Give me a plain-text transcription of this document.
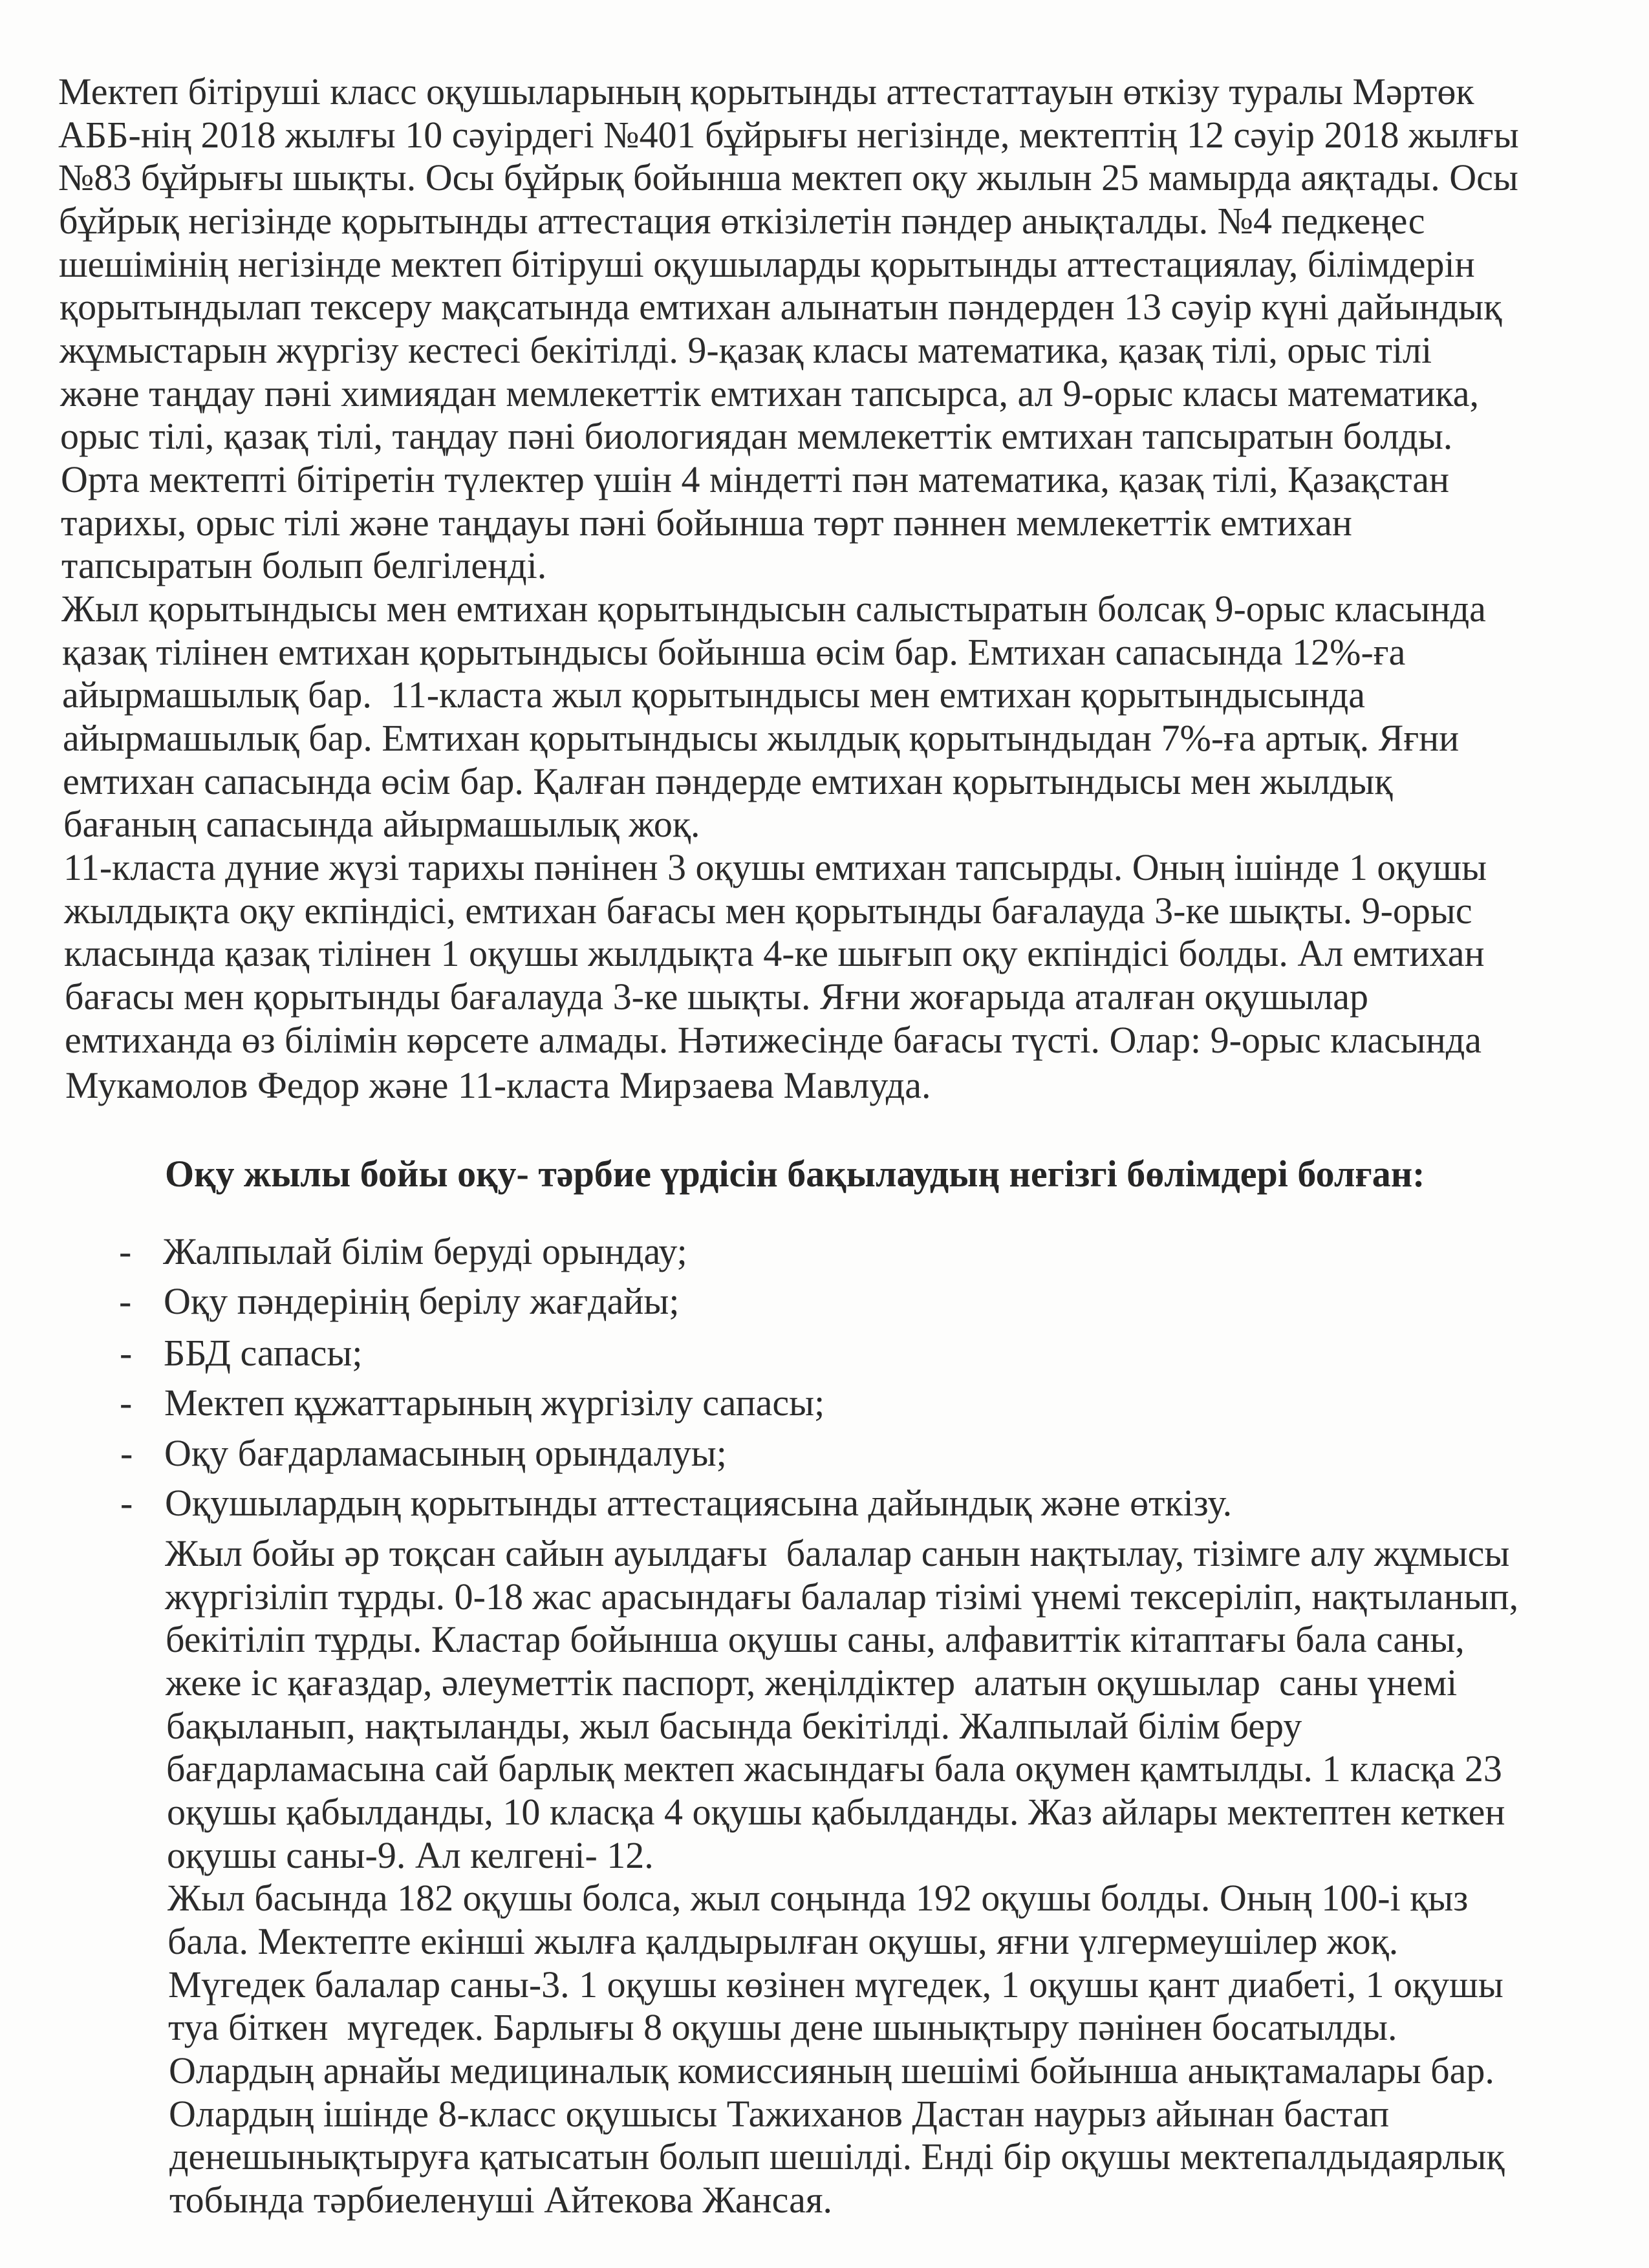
Мектеп бітіруші класс оқушыларының қорытынды аттестаттауын өткізу туралы Мәртөк
АББ-нің 2018 жылғы 10 сәуірдегі №401 бұйрығы негізінде, мектептің 12 сәуір 2018 жылғы
№83 бұйрығы шықты. Осы бұйрық бойынша мектеп оқу жылын 25 мамырда аяқтады. Осы
бұйрық негізінде қорытынды аттестация өткізілетін пәндер анықталды. №4 педкеңес
шешімінің негізінде мектеп бітіруші оқушыларды қорытынды аттестациялау, білімдерін
қорытындылап тексеру мақсатында емтихан алынатын пәндерден 13 сәуір күні дайындық
жұмыстарын жүргізу кестесі бекітілді. 9-қазақ класы математика, қазақ тілі, орыс тілі
және таңдау пәні химиядан мемлекеттік емтихан тапсырса, ал 9-орыс класы математика,
орыс тілі, қазақ тілі, таңдау пәні биологиядан мемлекеттік емтихан тапсыратын болды.
Орта мектепті бітіретін түлектер үшін 4 міндетті пән математика, қазақ тілі, Қазақстан
тарихы, орыс тілі және таңдауы пәні бойынша төрт пәннен мемлекеттік емтихан
тапсыратын болып белгіленді.
Жыл қорытындысы мен емтихан қорытындысын салыстыратын болсақ 9-орыс класында
қазақ тілінен емтихан қорытындысы бойынша өсім бар. Емтихан сапасында 12%-ға
айырмашылық бар.  11-класта жыл қорытындысы мен емтихан қорытындысында
айырмашылық бар. Емтихан қорытындысы жылдық қорытындыдан 7%-ға артық. Яғни
емтихан сапасында өсім бар. Қалған пәндерде емтихан қорытындысы мен жылдық
бағаның сапасында айырмашылық жоқ.
11-класта дүние жүзі тарихы пәнінен 3 оқушы емтихан тапсырды. Оның ішінде 1 оқушы
жылдықта оқу екпіндісі, емтихан бағасы мен қорытынды бағалауда 3-ке шықты. 9-орыс
класында қазақ тілінен 1 оқушы жылдықта 4-ке шығып оқу екпіндісі болды. Ал емтихан
бағасы мен қорытынды бағалауда 3-ке шықты. Яғни жоғарыда аталған оқушылар
емтиханда өз білімін көрсете алмады. Нәтижесінде бағасы түсті. Олар: 9-орыс класында
Мукамолов Федор және 11-класта Мирзаева Мавлуда.
Оқу жылы бойы оқу- тәрбие үрдісін бақылаудың негізгі бөлімдері болған:
- Жалпылай білім беруді орындау;
- Оқу пәндерінің берілу жағдайы;
- ББД сапасы;
- Мектеп құжаттарының жүргізілу сапасы;
- Оқу бағдарламасының орындалуы;
- Оқушылардың қорытынды аттестациясына дайындық және өткізу.
Жыл бойы әр тоқсан сайын ауылдағы  балалар санын нақтылау, тізімге алу жұмысы
жүргізіліп тұрды. 0-18 жас арасындағы балалар тізімі үнемі тексеріліп, нақтыланып,
бекітіліп тұрды. Кластар бойынша оқушы саны, алфавиттік кітаптағы бала саны,
жеке іс қағаздар, әлеуметтік паспорт, жеңілдіктер  алатын оқушылар  саны үнемі
бақыланып, нақтыланды, жыл басында бекітілді. Жалпылай білім беру
бағдарламасына сай барлық мектеп жасындағы бала оқумен қамтылды. 1 класқа 23
оқушы қабылданды, 10 класқа 4 оқушы қабылданды. Жаз айлары мектептен кеткен
оқушы саны-9. Ал келгені- 12.
Жыл басында 182 оқушы болса, жыл соңында 192 оқушы болды. Оның 100-і қыз
бала. Мектепте екінші жылға қалдырылған оқушы, яғни үлгермеушілер жоқ.
Мүгедек балалар саны-3. 1 оқушы көзінен мүгедек, 1 оқушы қант диабеті, 1 оқушы
туа біткен  мүгедек. Барлығы 8 оқушы дене шынықтыру пәнінен босатылды.
Олардың арнайы медициналық комиссияның шешімі бойынша анықтамалары бар.
Олардың ішінде 8-класс оқушысы Тажиханов Дастан наурыз айынан бастап
денешынықтыруға қатысатын болып шешілді. Енді бір оқушы мектепалдыдаярлық
тобында тәрбиеленуші Айтекова Жансая.
